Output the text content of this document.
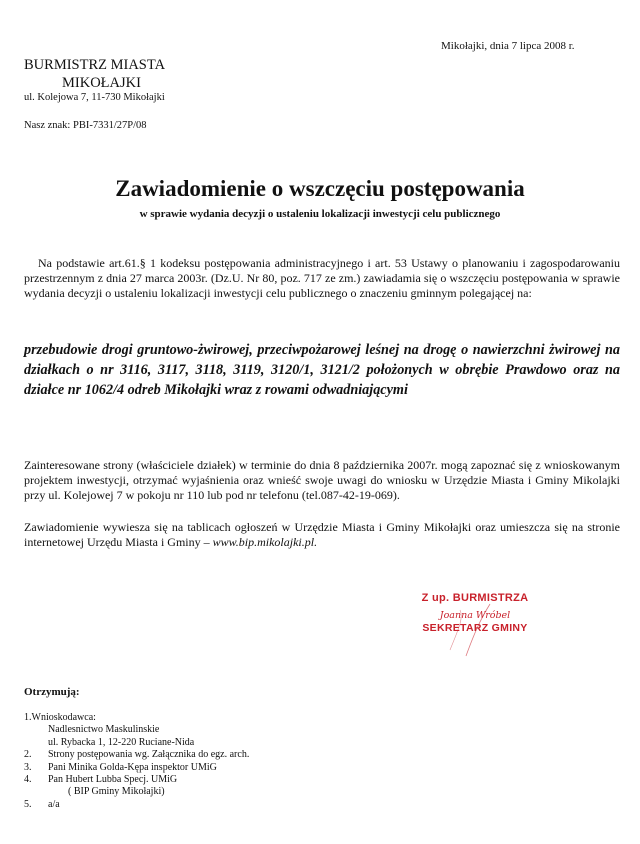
Mikołajki, dnia 7 lipca 2008 r.
BURMISTRZ MIASTA
MIKOŁAJKI
ul. Kolejowa 7, 11-730 Mikołajki
Nasz znak: PBI-7331/27P/08
Zawiadomienie o wszczęciu postępowania
w sprawie wydania decyzji o ustaleniu lokalizacji inwestycji celu publicznego
Na podstawie art.61.§ 1 kodeksu postępowania administracyjnego i art. 53 Ustawy o planowaniu i zagospodarowaniu przestrzennym z dnia 27 marca 2003r. (Dz.U. Nr 80, poz. 717 ze zm.) zawiadamia się o wszczęciu postępowania w sprawie wydania decyzji o ustaleniu lokalizacji inwestycji celu publicznego o znaczeniu gminnym polegającej na:
przebudowie drogi gruntowo-żwirowej, przeciwpożarowej leśnej na drogę o nawierzchni żwirowej na działkach o nr 3116, 3117, 3118, 3119, 3120/1, 3121/2 położonych w obrębie Prawdowo oraz na działce nr 1062/4 odreb Mikołajki wraz z rowami odwadniającymi
Zainteresowane strony (właściciele działek) w terminie do dnia 8 października 2007r. mogą zapoznać się z wnioskowanym projektem inwestycji, otrzymać wyjaśnienia oraz wnieść swoje uwagi do wniosku w Urzędzie Miasta i Gminy Mikolajki przy ul. Kolejowej 7 w pokoju nr 110 lub pod nr telefonu (tel.087-42-19-069).
Zawiadomienie wywiesza się na tablicach ogłoszeń w Urzędzie Miasta i Gminy Mikołajki oraz umieszcza się na stronie internetowej Urzędu Miasta i Gminy – www.bip.mikolajki.pl.
Z up. BURMISTRZA
Joanna Wróbel
SEKRETARZ GMINY
Otrzymują:
1.Wnioskodawca:
Nadlesnictwo Maskulinskie
ul. Rybacka 1, 12-220 Ruciane-Nida
2. Strony postępowania wg. Załącznika do egz. arch.
3. Pani Minika Golda-Kępa inspektor UMiG
4. Pan Hubert Lubba Specj. UMiG
( BIP Gminy Mikołajki)
5. a/a
